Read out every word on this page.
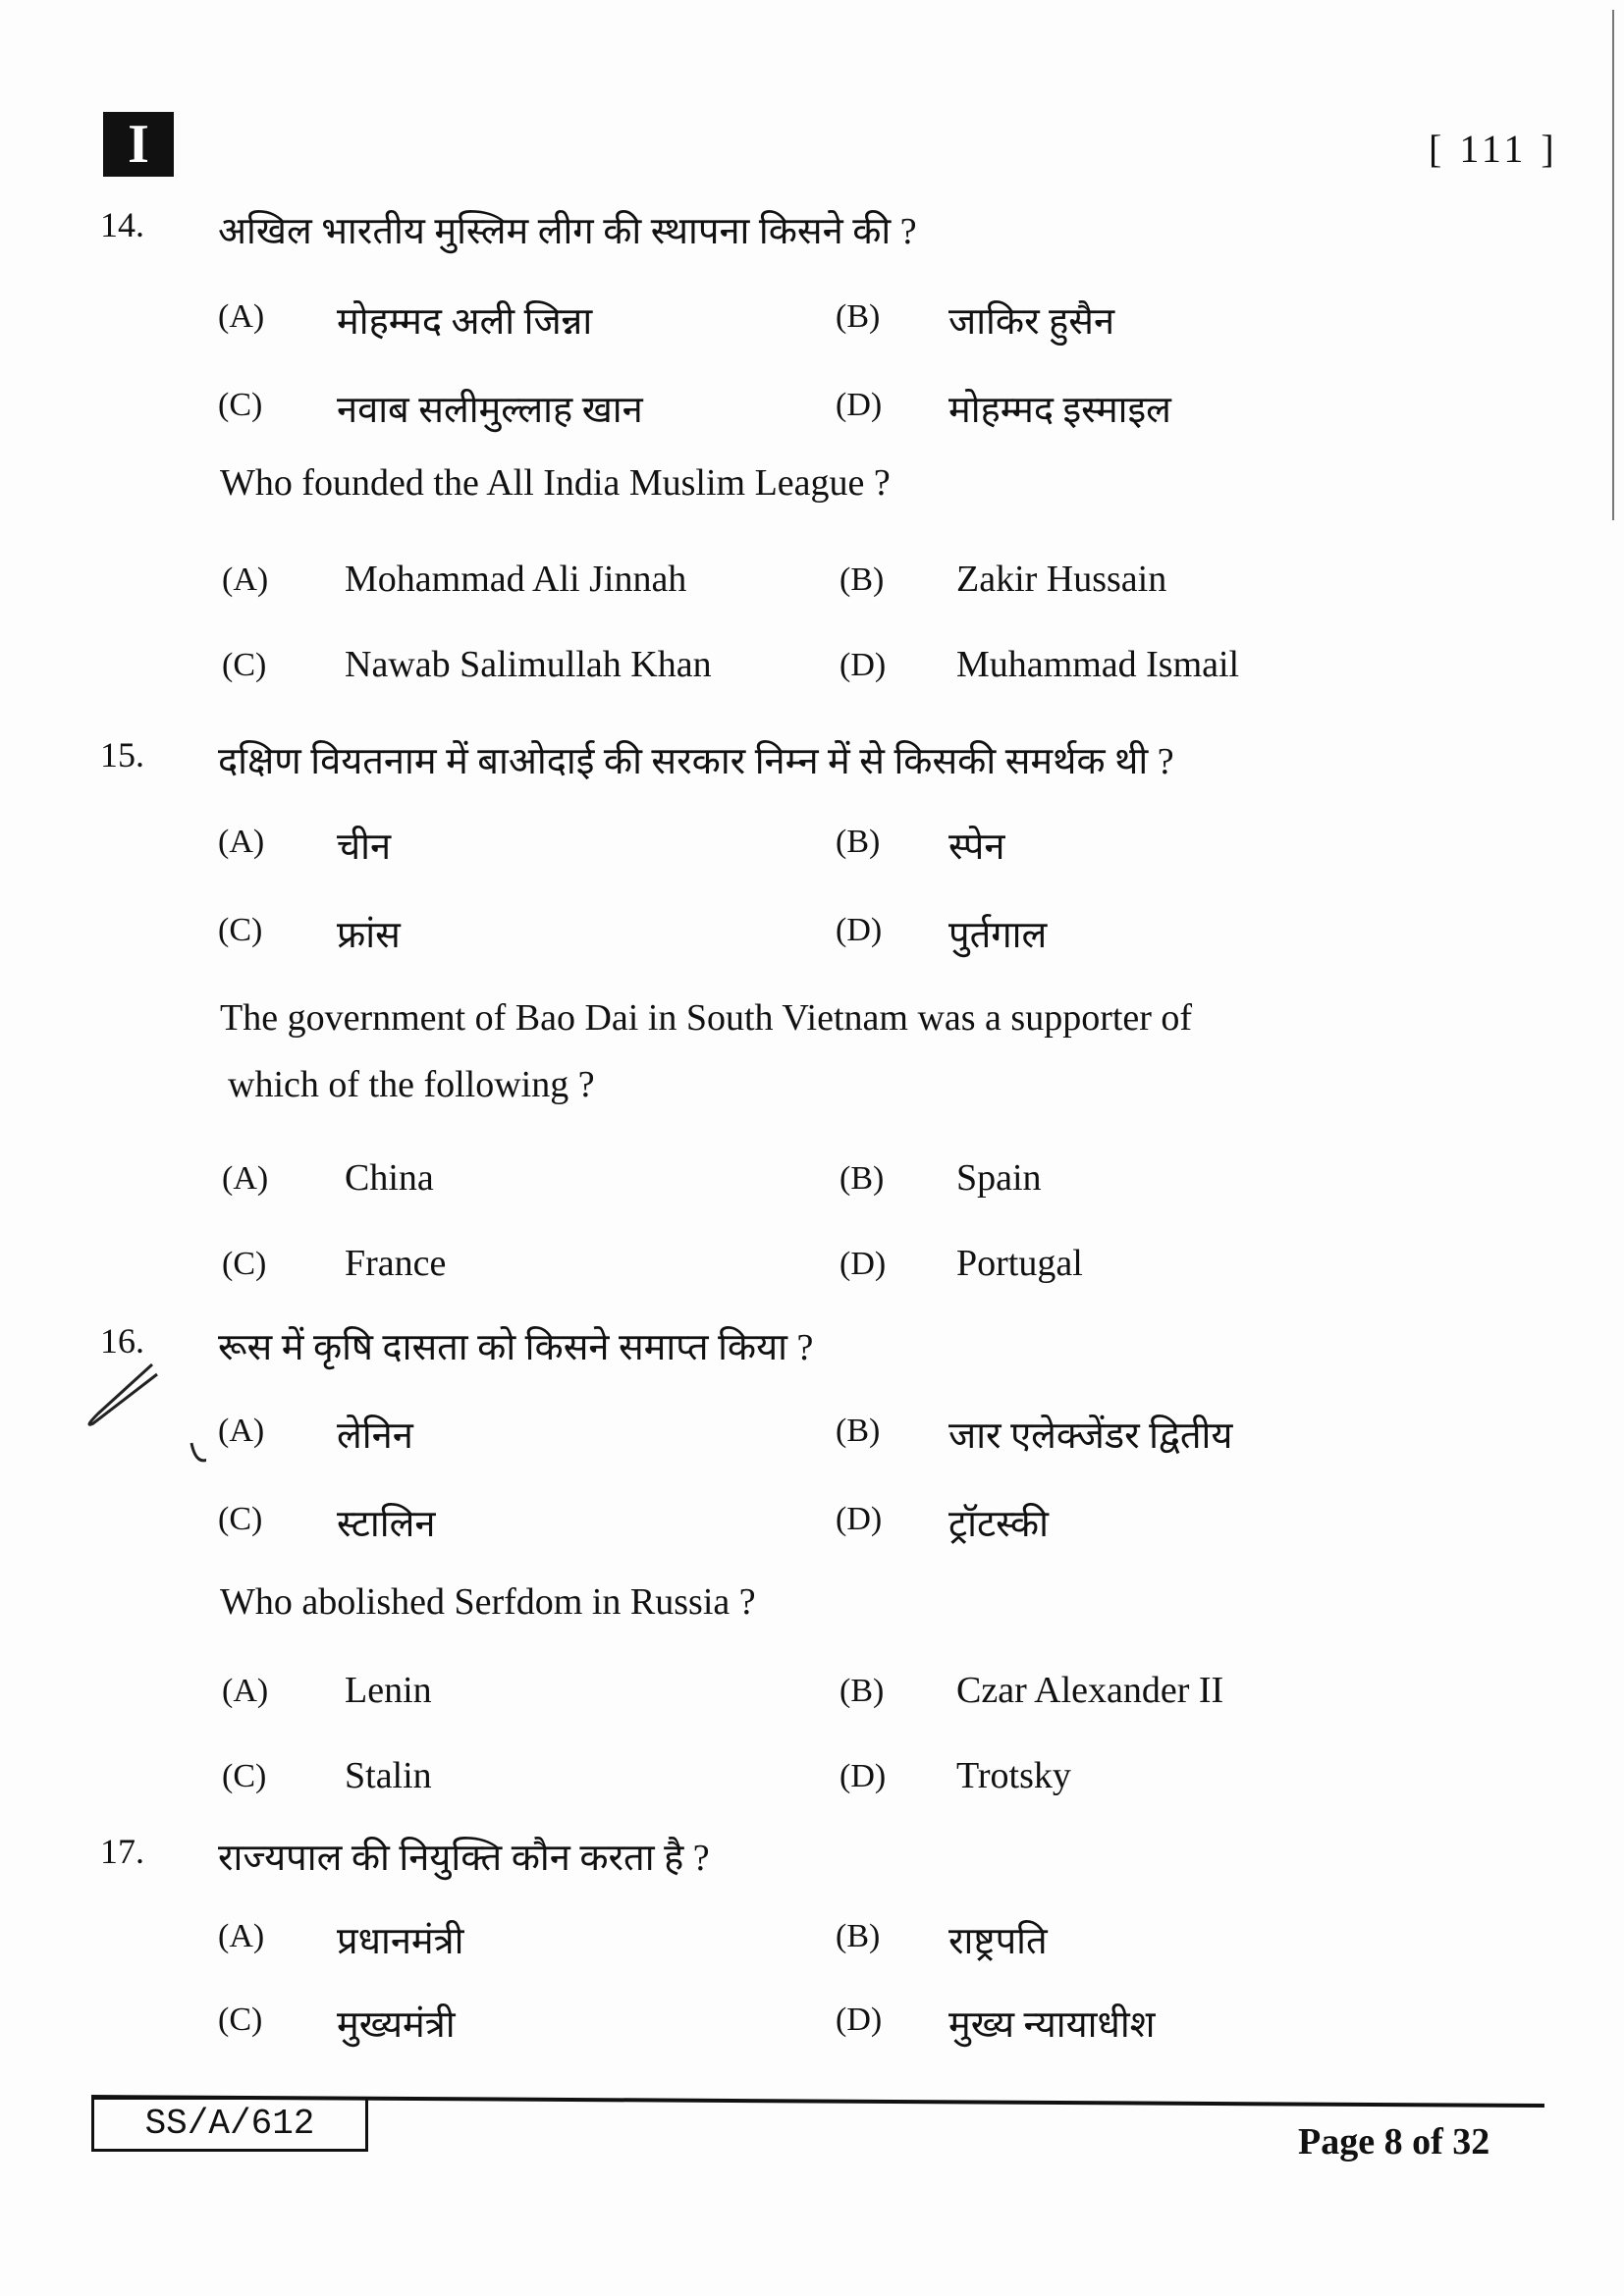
I	[ 111 ]
14. अखिल भारतीय मुस्लिम लीग की स्थापना किसने की ?
(A) मोहम्मद अली जिन्ना	(B) जाकिर हुसैन
(C) नवाब सलीमुल्लाह खान	(D) मोहम्मद इस्माइल
Who founded the All India Muslim League ?
(A) Mohammad Ali Jinnah	(B) Zakir Hussain
(C) Nawab Salimullah Khan	(D) Muhammad Ismail
15. दक्षिण वियतनाम में बाओदाई की सरकार निम्न में से किसकी समर्थक थी ?
(A) चीन	(B) स्पेन
(C) फ्रांस	(D) पुर्तगाल
The government of Bao Dai in South Vietnam was a supporter of
which of the following ?
(A) China	(B) Spain
(C) France	(D) Portugal
16. रूस में कृषि दासता को किसने समाप्त किया ?
(A) लेनिन	(B) जार एलेक्जेंडर द्वितीय
(C) स्टालिन	(D) ट्रॉटस्की
Who abolished Serfdom in Russia ?
(A) Lenin	(B) Czar Alexander II
(C) Stalin	(D) Trotsky
17. राज्यपाल की नियुक्ति कौन करता है ?
(A) प्रधानमंत्री	(B) राष्ट्रपति
(C) मुख्यमंत्री	(D) मुख्य न्यायाधीश
SS/A/612	Page 8 of 32
